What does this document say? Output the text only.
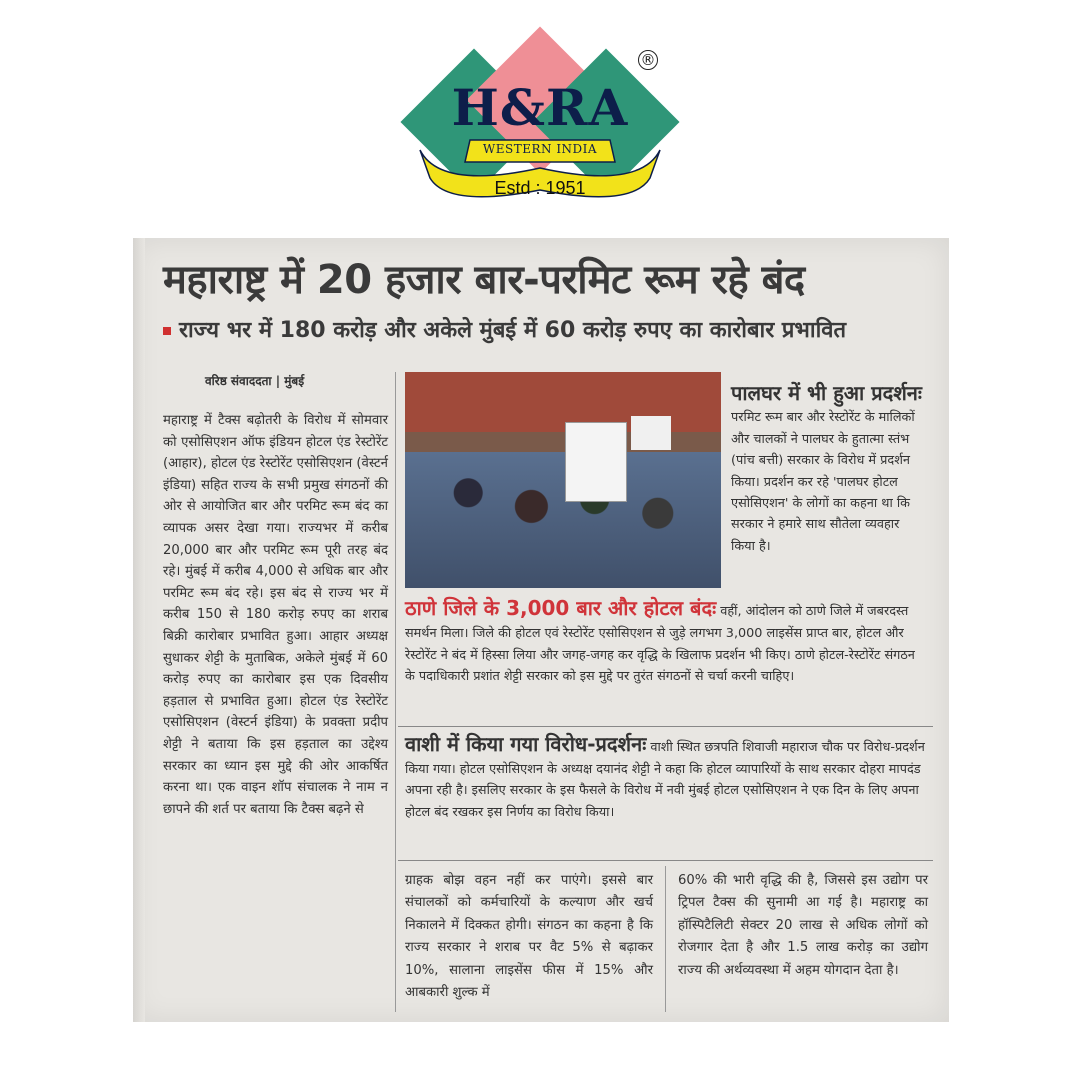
H&RA
®
WESTERN INDIA
Estd : 1951
महाराष्ट्र में 20 हजार बार-परमिट रूम रहे बंद
राज्य भर में 180 करोड़ और अकेले मुंबई में 60 करोड़ रुपए का कारोबार प्रभावित
वरिष्ठ संवाददता | मुंबई
महाराष्ट्र में टैक्स बढ़ोतरी के विरोध में सोमवार को एसोसिएशन ऑफ इंडियन होटल एंड रेस्टोरेंट (आहार), होटल एंड रेस्टोरेंट एसोसिएशन (वेस्टर्न इंडिया) सहित राज्य के सभी प्रमुख संगठनों की ओर से आयोजित बार और परमिट रूम बंद का व्यापक असर देखा गया। राज्यभर में करीब 20,000 बार और परमिट रूम पूरी तरह बंद रहे। मुंबई में करीब 4,000 से अधिक बार और परमिट रूम बंद रहे। इस बंद से राज्य भर में करीब 150 से 180 करोड़ रुपए का शराब बिक्री कारोबार प्रभावित हुआ। आहार अध्यक्ष सुधाकर शेट्टी के मुताबिक, अकेले मुंबई में 60 करोड़ रुपए का कारोबार इस एक दिवसीय हड़ताल से प्रभावित हुआ। होटल एंड रेस्टोरेंट एसोसिएशन (वेस्टर्न इंडिया) के प्रवक्ता प्रदीप शेट्टी ने बताया कि इस हड़ताल का उद्देश्य सरकार का ध्यान इस मुद्दे की ओर आकर्षित करना था। एक वाइन शॉप संचालक ने नाम न छापने की शर्त पर बताया कि टैक्स बढ़ने से
पालघर में भी हुआ प्रदर्शनः परमिट रूम बार और रेस्टोरेंट के मालिकों और चालकों ने पालघर के हुतात्मा स्तंभ (पांच बत्ती) सरकार के विरोध में प्रदर्शन किया। प्रदर्शन कर रहे 'पालघर होटल एसोसिएशन' के लोगों का कहना था कि सरकार ने हमारे साथ सौतेला व्यवहार किया है।
ठाणे जिले के 3,000 बार और होटल बंदः वहीं, आंदोलन को ठाणे जिले में जबरदस्त समर्थन मिला। जिले की होटल एवं रेस्टोरेंट एसोसिएशन से जुड़े लगभग 3,000 लाइसेंस प्राप्त बार, होटल और रेस्टोरेंट ने बंद में हिस्सा लिया और जगह-जगह कर वृद्धि के खिलाफ प्रदर्शन भी किए। ठाणे होटल-रेस्टोरेंट संगठन के पदाधिकारी प्रशांत शेट्टी सरकार को इस मुद्दे पर तुरंत संगठनों से चर्चा करनी चाहिए।
वाशी में किया गया विरोध-प्रदर्शनः वाशी स्थित छत्रपति शिवाजी महाराज चौक पर विरोध-प्रदर्शन किया गया। होटल एसोसिएशन के अध्यक्ष दयानंद शेट्टी ने कहा कि होटल व्यापारियों के साथ सरकार दोहरा मापदंड अपना रही है। इसलिए सरकार के इस फैसले के विरोध में नवी मुंबई होटल एसोसिएशन ने एक दिन के लिए अपना होटल बंद रखकर इस निर्णय का विरोध किया।
ग्राहक बोझ वहन नहीं कर पाएंगे। इससे बार संचालकों को कर्मचारियों के कल्याण और खर्च निकालने में दिक्कत होगी। संगठन का कहना है कि राज्य सरकार ने शराब पर वैट 5% से बढ़ाकर 10%, सालाना लाइसेंस फीस में 15% और आबकारी शुल्क में
60% की भारी वृद्धि की है, जिससे इस उद्योग पर ट्रिपल टैक्स की सुनामी आ गई है। महाराष्ट्र का हॉस्पिटैलिटी सेक्टर 20 लाख से अधिक लोगों को रोजगार देता है और 1.5 लाख करोड़ का उद्योग राज्य की अर्थव्यवस्था में अहम योगदान देता है।
